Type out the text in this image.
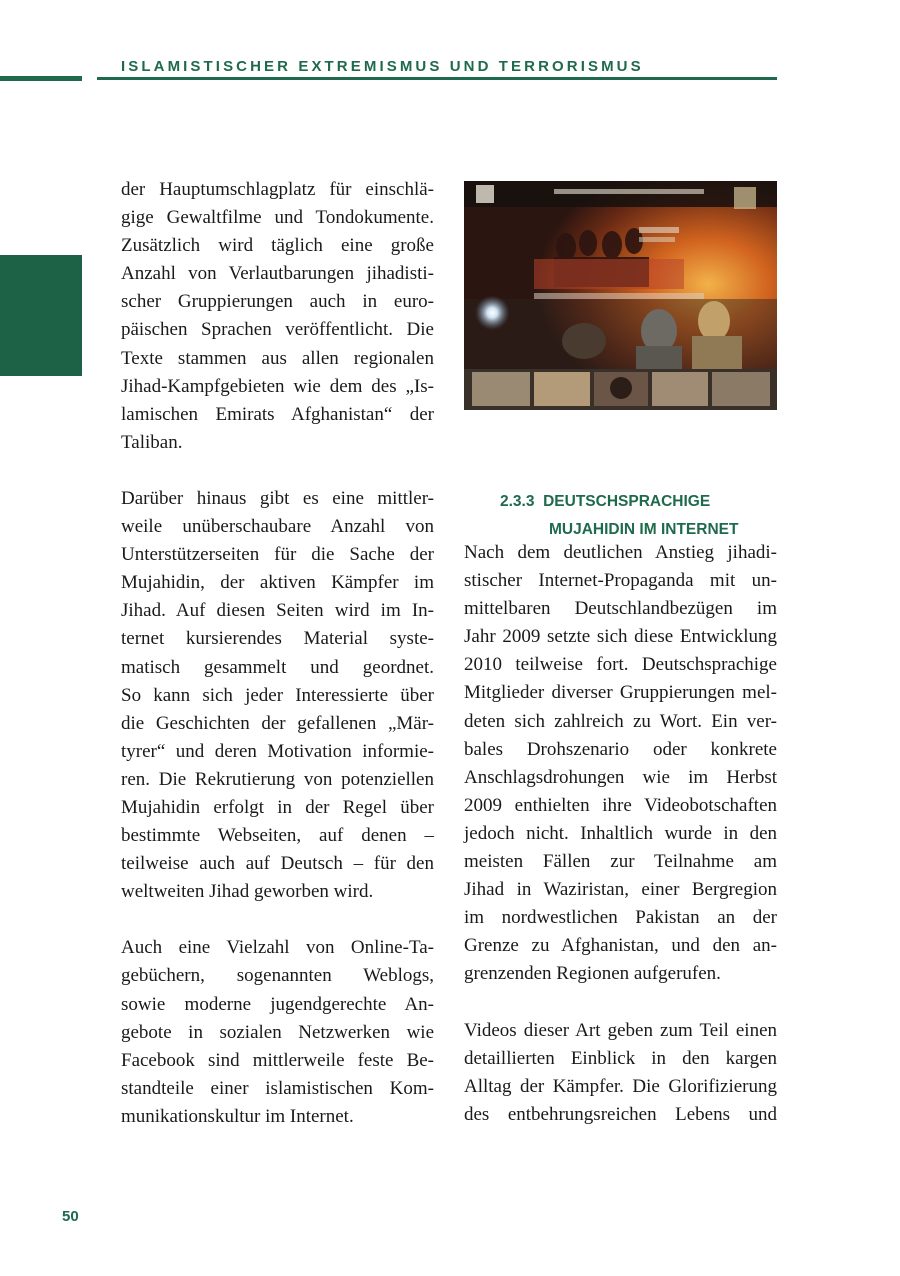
ISLAMISTISCHER EXTREMISMUS UND TERRORISMUS
der Hauptumschlagplatz für einschlä-
gige Gewaltfilme und Tondokumente.
Zusätzlich wird täglich eine große
Anzahl von Verlautbarungen jihadisti-
scher Gruppierungen auch in euro-
päischen Sprachen veröffentlicht. Die
Texte stammen aus allen regionalen
Jihad-Kampfgebieten wie dem des „Is-
lamischen Emirats Afghanistan“ der
Taliban.
Darüber hinaus gibt es eine mittler-
weile unüberschaubare Anzahl von
Unterstützerseiten für die Sache der
Mujahidin, der aktiven Kämpfer im
Jihad. Auf diesen Seiten wird im In-
ternet kursierendes Material syste-
matisch gesammelt und geordnet.
So kann sich jeder Interessierte über
die Geschichten der gefallenen „Mär-
tyrer“ und deren Motivation informie-
ren. Die Rekrutierung von potenziellen
Mujahidin erfolgt in der Regel über
bestimmte Webseiten, auf denen –
teilweise auch auf Deutsch – für den
weltweiten Jihad geworben wird.
Auch eine Vielzahl von Online-Ta-
gebüchern, sogenannten Weblogs,
sowie moderne jugendgerechte An-
gebote in sozialen Netzwerken wie
Facebook sind mittlerweile feste Be-
standteile einer islamistischen Kom-
munikationskultur im Internet.
2.3.3 DEUTSCHSPRACHIGE
MUJAHIDIN IM INTERNET
Nach dem deutlichen Anstieg jihadi-
stischer Internet-Propaganda mit un-
mittelbaren Deutschlandbezügen im
Jahr 2009 setzte sich diese Entwicklung
2010 teilweise fort. Deutschsprachige
Mitglieder diverser Gruppierungen mel-
deten sich zahlreich zu Wort. Ein ver-
bales Drohszenario oder konkrete
Anschlagsdrohungen wie im Herbst
2009 enthielten ihre Videobotschaften
jedoch nicht. Inhaltlich wurde in den
meisten Fällen zur Teilnahme am
Jihad in Waziristan, einer Bergregion
im nordwestlichen Pakistan an der
Grenze zu Afghanistan, und den an-
grenzenden Regionen aufgerufen.
Videos dieser Art geben zum Teil einen
detaillierten Einblick in den kargen
Alltag der Kämpfer. Die Glorifizierung
des entbehrungsreichen Lebens und
50
